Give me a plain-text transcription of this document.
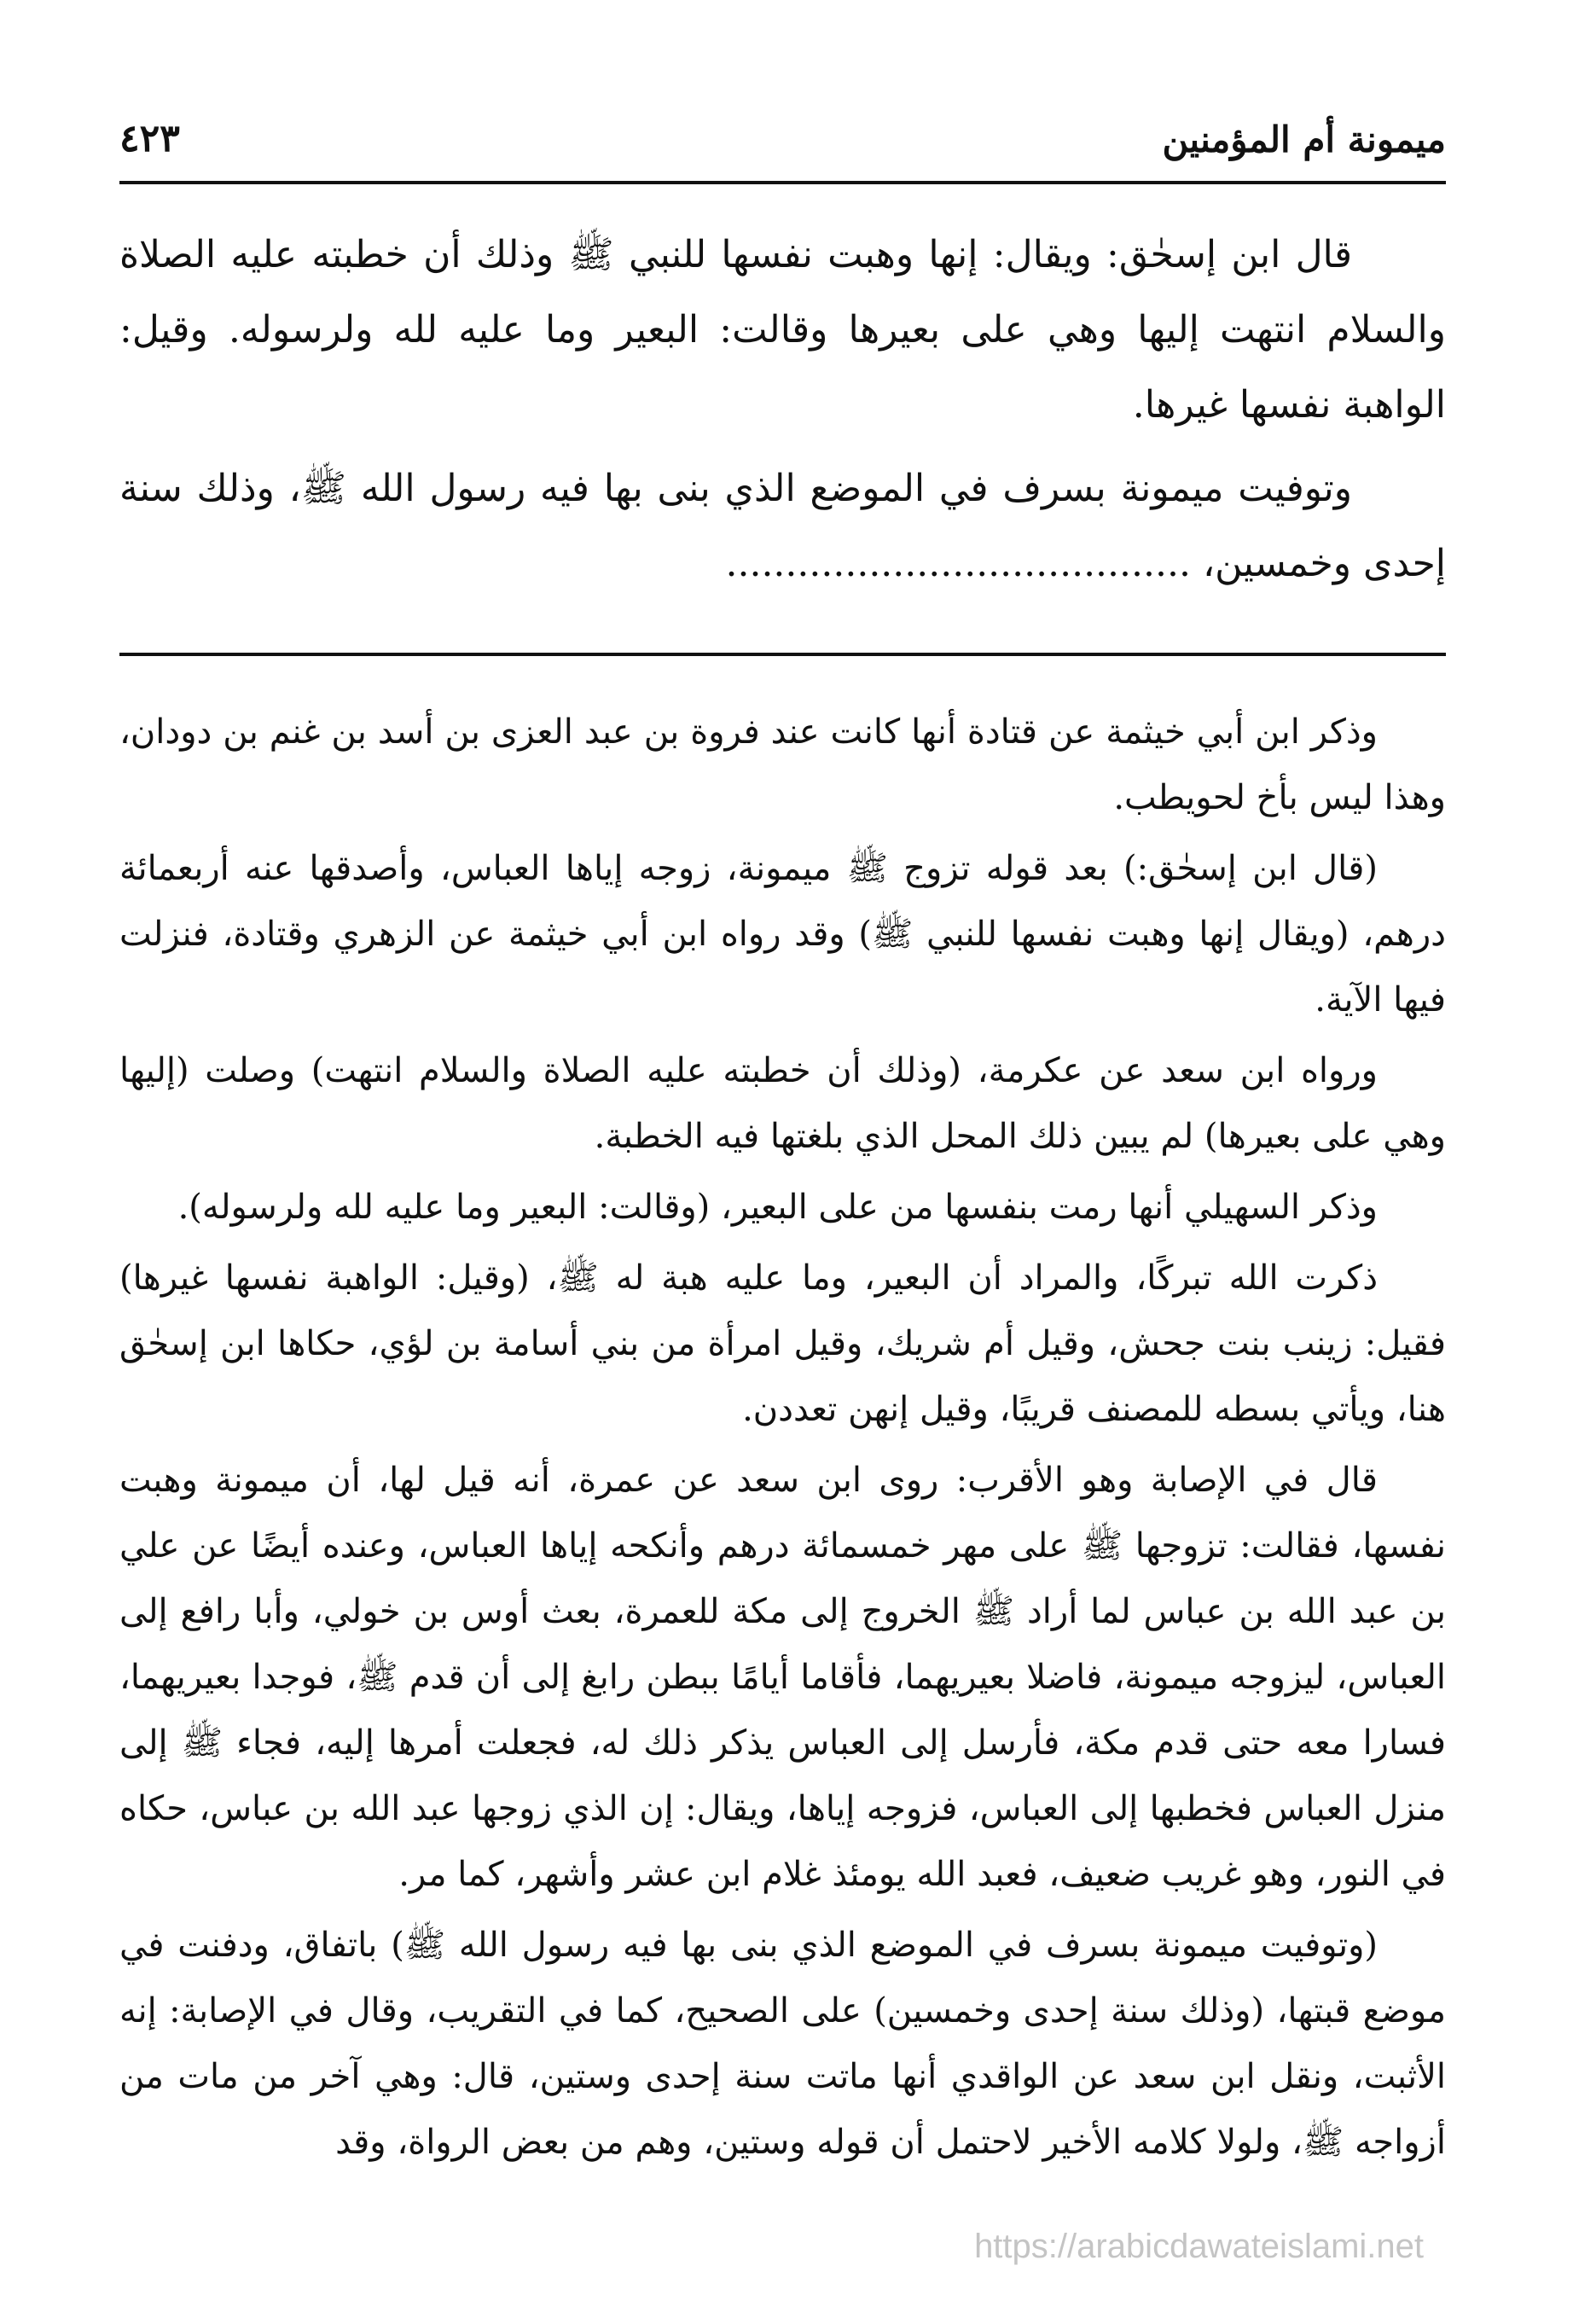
ميمونة أم المؤمنين
٤٢٣

قال ابن إسحٰق: ويقال: إنها وهبت نفسها للنبي ﷺ وذلك أن خطبته عليه الصلاة والسلام انتهت إليها وهي على بعيرها وقالت: البعير وما عليه لله ولرسوله. وقيل: الواهبة نفسها غيرها.

وتوفيت ميمونة بسرف في الموضع الذي بنى بها فيه رسول الله ﷺ، وذلك سنة إحدى وخمسين، .......................................

وذكر ابن أبي خيثمة عن قتادة أنها كانت عند فروة بن عبد العزى بن أسد بن غنم بن دودان، وهذا ليس بأخ لحويطب.

(قال ابن إسحٰق:) بعد قوله تزوج ﷺ ميمونة، زوجه إياها العباس، وأصدقها عنه أربعمائة درهم، (ويقال إنها وهبت نفسها للنبي ﷺ) وقد رواه ابن أبي خيثمة عن الزهري وقتادة، فنزلت فيها الآية.

ورواه ابن سعد عن عكرمة، (وذلك أن خطبته عليه الصلاة والسلام انتهت) وصلت (إليها وهي على بعيرها) لم يبين ذلك المحل الذي بلغتها فيه الخطبة.

وذكر السهيلي أنها رمت بنفسها من على البعير، (وقالت: البعير وما عليه لله ولرسوله).

ذكرت الله تبركًا، والمراد أن البعير، وما عليه هبة له ﷺ، (وقيل: الواهبة نفسها غيرها) فقيل: زينب بنت جحش، وقيل أم شريك، وقيل امرأة من بني أسامة بن لؤي، حكاها ابن إسحٰق هنا، ويأتي بسطه للمصنف قريبًا، وقيل إنهن تعددن.

قال في الإصابة وهو الأقرب: روى ابن سعد عن عمرة، أنه قيل لها، أن ميمونة وهبت نفسها، فقالت: تزوجها ﷺ على مهر خمسمائة درهم وأنكحه إياها العباس، وعنده أيضًا عن علي بن عبد الله بن عباس لما أراد ﷺ الخروج إلى مكة للعمرة، بعث أوس بن خولي، وأبا رافع إلى العباس، ليزوجه ميمونة، فاضلا بعيريهما، فأقاما أيامًا ببطن رابغ إلى أن قدم ﷺ، فوجدا بعيريهما، فسارا معه حتى قدم مكة، فأرسل إلى العباس يذكر ذلك له، فجعلت أمرها إليه، فجاء ﷺ إلى منزل العباس فخطبها إلى العباس، فزوجه إياها، ويقال: إن الذي زوجها عبد الله بن عباس، حكاه في النور، وهو غريب ضعيف، فعبد الله يومئذ غلام ابن عشر وأشهر، كما مر.

(وتوفيت ميمونة بسرف في الموضع الذي بنى بها فيه رسول الله ﷺ) باتفاق، ودفنت في موضع قبتها، (وذلك سنة إحدى وخمسين) على الصحيح، كما في التقريب، وقال في الإصابة: إنه الأثبت، ونقل ابن سعد عن الواقدي أنها ماتت سنة إحدى وستين، قال: وهي آخر من مات من أزواجه ﷺ، ولولا كلامه الأخير لاحتمل أن قوله وستين، وهم من بعض الرواة، وقد

https://arabicdawateislami.net
